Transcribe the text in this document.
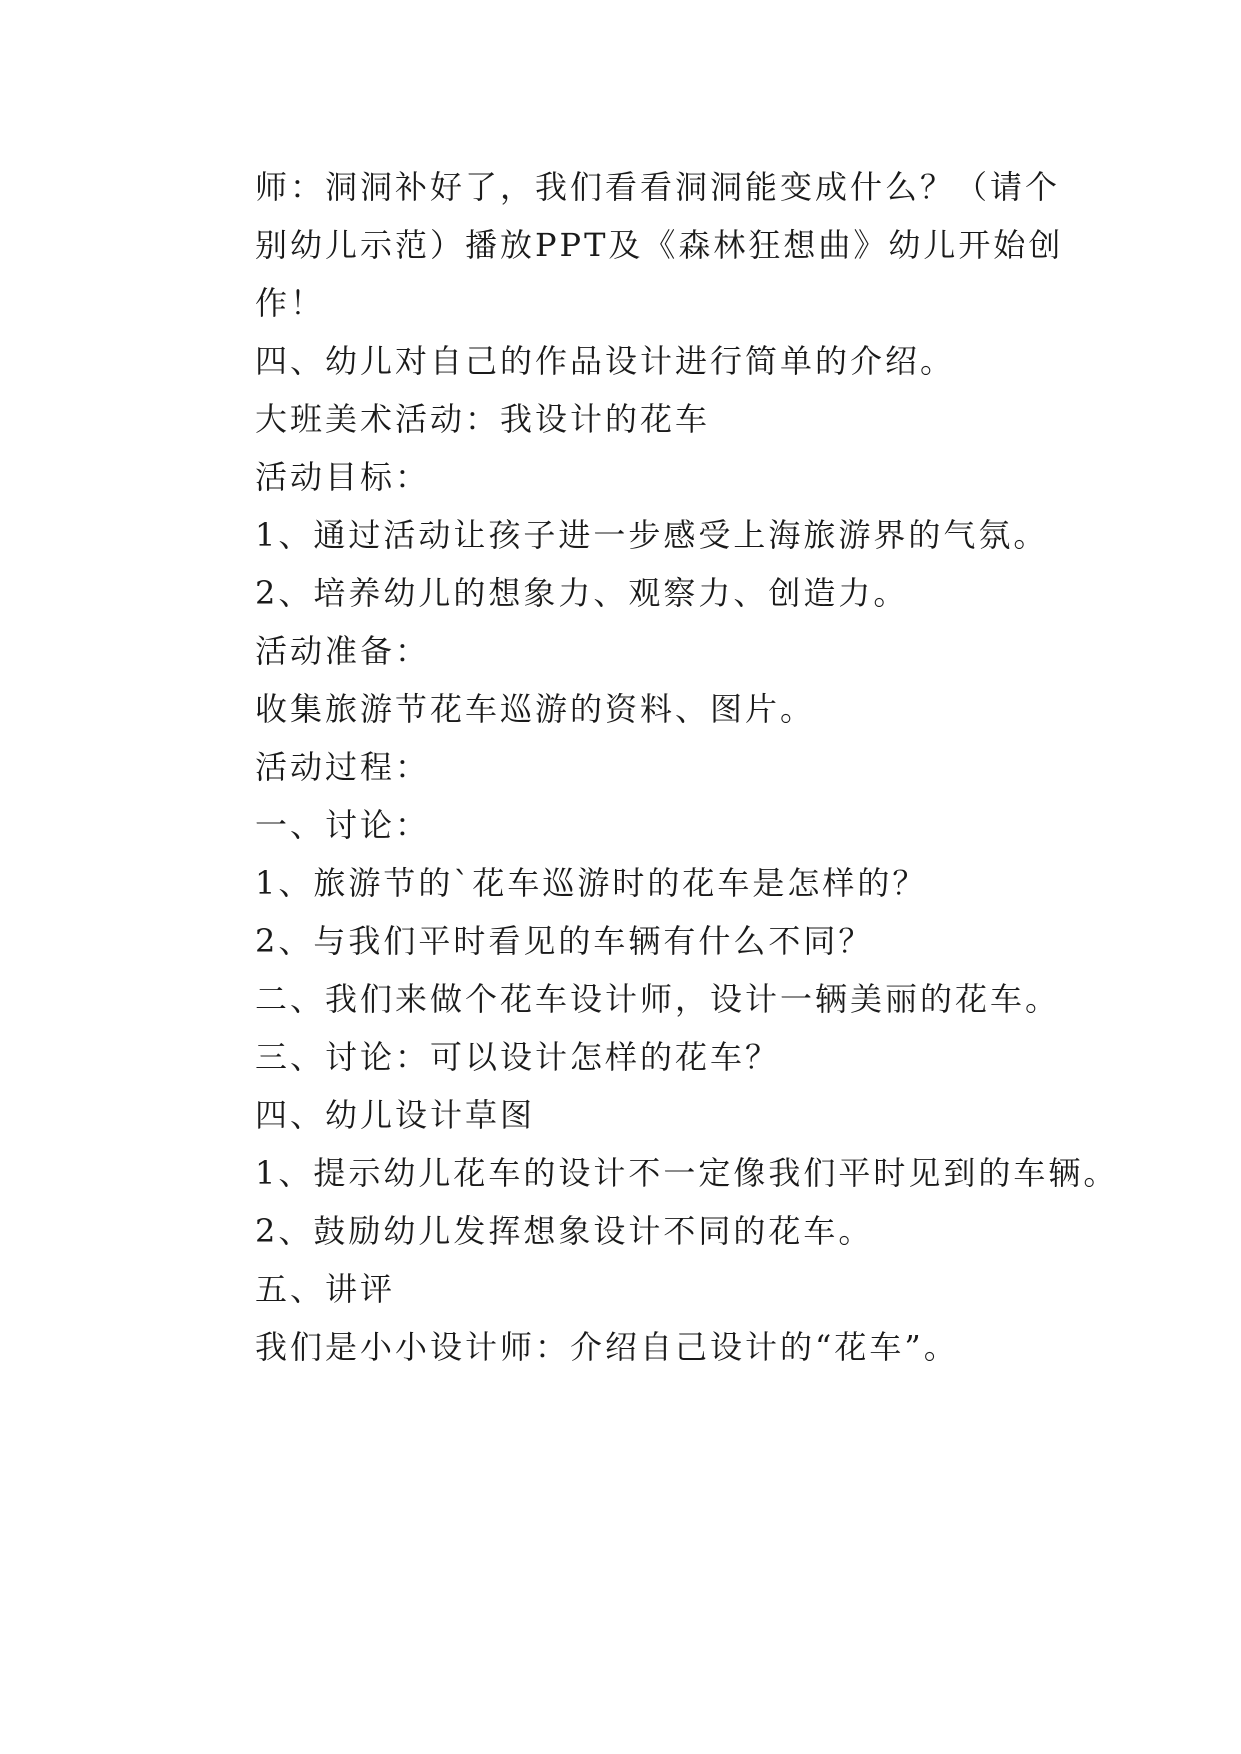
师：洞洞补好了，我们看看洞洞能变成什么？（请个别幼儿示范）播放PPT及《森林狂想曲》幼儿开始创作！

四、幼儿对自己的作品设计进行简单的介绍。

大班美术活动：我设计的花车

活动目标：

1、通过活动让孩子进一步感受上海旅游界的气氛。

2、培养幼儿的想象力、观察力、创造力。

活动准备：

收集旅游节花车巡游的资料、图片。

活动过程：

一、讨论：

1、旅游节的`花车巡游时的花车是怎样的？

2、与我们平时看见的车辆有什么不同？

二、我们来做个花车设计师，设计一辆美丽的花车。

三、讨论：可以设计怎样的花车？

四、幼儿设计草图

1、提示幼儿花车的设计不一定像我们平时见到的车辆。

2、鼓励幼儿发挥想象设计不同的花车。

五、讲评

我们是小小设计师：介绍自己设计的“花车”。
